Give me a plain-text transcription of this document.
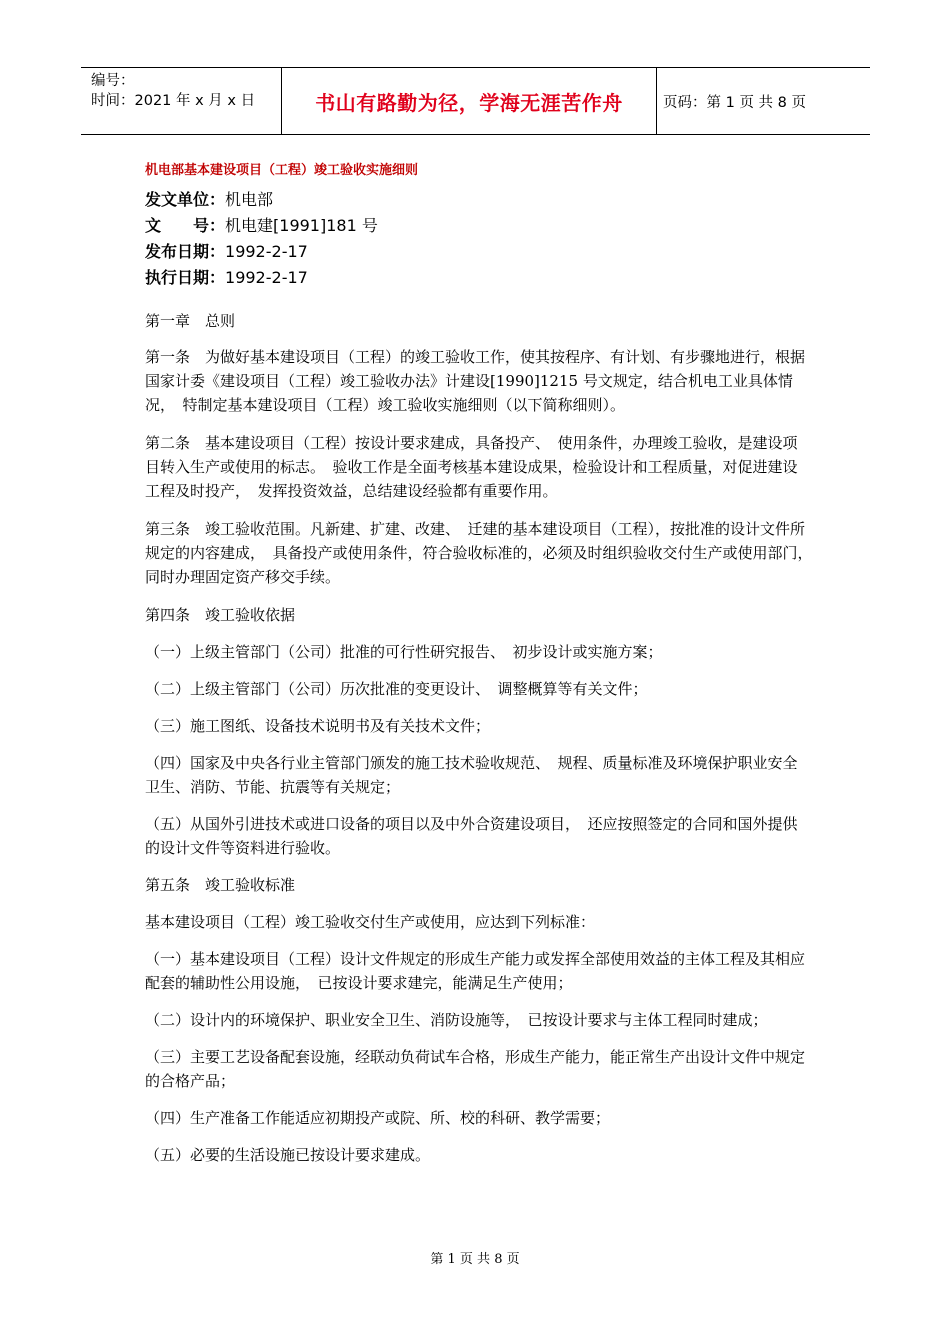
编号：
时间：2021 年 x 月 x 日	书山有路勤为径，学海无涯苦作舟	页码：第 1 页 共 8 页
机电部基本建设项目（工程）竣工验收实施细则
发文单位：机电部
文　　号：机电建[1991]181 号
发布日期：1992-2-17
执行日期：1992-2-17

第一章　总则

第一条　为做好基本建设项目（工程）的竣工验收工作，使其按程序、有计划、有步骤地进行，根据国家计委《建设项目（工程）竣工验收办法》计建设[1990]1215 号文规定，结合机电工业具体情况，　特制定基本建设项目（工程）竣工验收实施细则（以下简称细则）。

第二条　基本建设项目（工程）按设计要求建成，具备投产、　使用条件，办理竣工验收，是建设项目转入生产或使用的标志。　验收工作是全面考核基本建设成果，检验设计和工程质量，对促进建设工程及时投产，　发挥投资效益，总结建设经验都有重要作用。

第三条　竣工验收范围。凡新建、扩建、改建、　迁建的基本建设项目（工程），按批准的设计文件所规定的内容建成，　具备投产或使用条件，符合验收标准的，必须及时组织验收交付生产或使用部门，　同时办理固定资产移交手续。

第四条　竣工验收依据

（一）上级主管部门（公司）批准的可行性研究报告、　初步设计或实施方案；

（二）上级主管部门（公司）历次批准的变更设计、　调整概算等有关文件；

（三）施工图纸、设备技术说明书及有关技术文件；

（四）国家及中央各行业主管部门颁发的施工技术验收规范、　规程、质量标准及环境保护职业安全卫生、消防、节能、抗震等有关规定；

（五）从国外引进技术或进口设备的项目以及中外合资建设项目，　还应按照签定的合同和国外提供的设计文件等资料进行验收。

第五条　竣工验收标准

基本建设项目（工程）竣工验收交付生产或使用，应达到下列标准：

（一）基本建设项目（工程）设计文件规定的形成生产能力或发挥全部使用效益的主体工程及其相应配套的辅助性公用设施，　已按设计要求建完，能满足生产使用；

（二）设计内的环境保护、职业安全卫生、消防设施等，　已按设计要求与主体工程同时建成；

（三）主要工艺设备配套设施，经联动负荷试车合格，形成生产能力，能正常生产出设计文件中规定的合格产品；

（四）生产准备工作能适应初期投产或院、所、校的科研、教学需要；

（五）必要的生活设施已按设计要求建成。

第 1 页 共 8 页
